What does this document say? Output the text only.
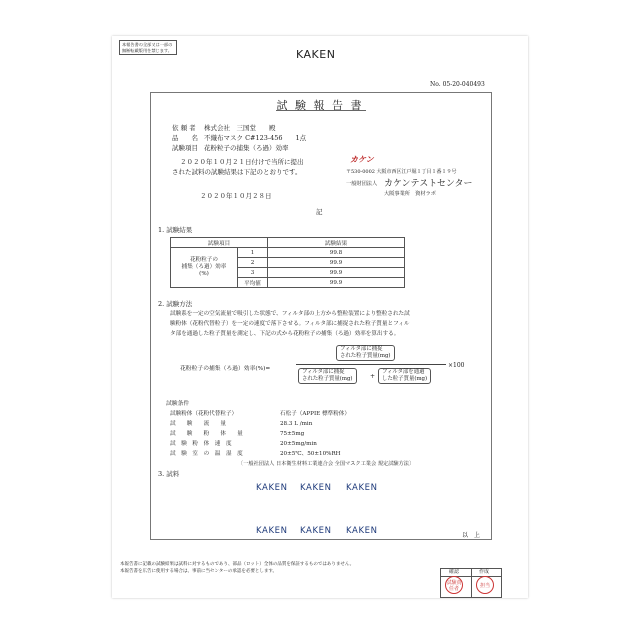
本報告書の全部又は一部の無断転載版用を禁じます。	KAKEN
No. 05-20-040493
試 験 報 告 書
依 頼 者 株式会社　三国堂　　殿
品　　名 不織布マスク C#123-456　　1点
試験項目 花粉粒子の捕集（ろ過）効率
２０２０年１０月２１日付けで当所に提出
された試料の試験結果は下記のとおりです。
２０２０年１０月２８日
カケン
〒530-0002 大阪市西区江戸堀１丁目１番１９号
一般財団法人 カケンテストセンター
大阪事業所　資材ラボ
記
1. 試験結果
試験項目		試験結果

花粉粒子の
捕集（ろ過）効率
(%)	1	99.8
	2	99.9
	3	99.9
	平均値	99.9
2. 試験方法
試験系を一定の空気流量で吸引した状態で、フィルタ部の上方から整粒装置により整粒された試
験粉体（花粉代替粒子）を一定の速度で落下させる。フィルタ部に捕捉された粒子質量とフィル
タ部を通過した粒子質量を測定し、下記の式から花粉粒子の捕集（ろ過）効率を算出する。
花粉粒子の捕集（ろ過）効率(%)=
フィルタ部に捕捉
された粒子質量(mg)
フィルタ部に捕捉
された粒子質量(mg)	+
フィルタ部を通過
した粒子質量(mg)
×100
試験条件
試験粉体（花粉代替粒子）	石松子（APPIE 標準粉体）
試　　験　　流　　量	28.3 L /min
試　　験　　粉　　体　　量	75±5mg
試　験　粉　体　速　度	20±5mg/min
試　験　室　の　温　湿　度	20±5℃、50±10%RH
〔一般社団法人 日本衛生材料工業連合会 全国マスク工業会 規定試験方法〕
3. 試料
KAKEN KAKEN KAKEN
KAKEN KAKEN KAKEN	以　上
本報告書に記載の試験結果は試料に対するものであり、部品（ロット）全体の品質を保証するものではありません。
本報告書を広告に使用する場合は、事前に当センターの承認を必要とします。	確認	作成
試験責任者	担当
